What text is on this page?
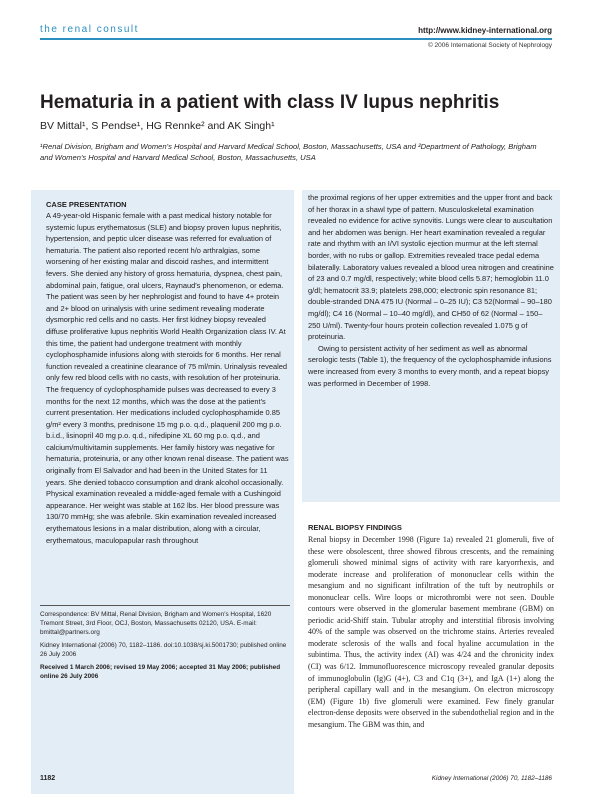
the renal consult	http://www.kidney-international.org
© 2006 International Society of Nephrology
Hematuria in a patient with class IV lupus nephritis
BV Mittal¹, S Pendse¹, HG Rennke² and AK Singh¹
¹Renal Division, Brigham and Women's Hospital and Harvard Medical School, Boston, Massachusetts, USA and ²Department of Pathology, Brigham and Women's Hospital and Harvard Medical School, Boston, Massachusetts, USA

CASE PRESENTATION

A 49-year-old Hispanic female with a past medical history notable for systemic lupus erythematosus (SLE) and biopsy proven lupus nephritis, hypertension, and peptic ulcer disease was referred for evaluation of hematuria. The patient also reported recent h/o arthralgias, some worsening of her existing malar and discoid rashes, and intermittent fevers. She denied any history of gross hematuria, dyspnea, chest pain, abdominal pain, fatigue, oral ulcers, Raynaud's phenomenon, or edema. The patient was seen by her nephrologist and found to have 4+ protein and 2+ blood on urinalysis with urine sediment revealing moderate dysmorphic red cells and no casts. Her first kidney biopsy revealed diffuse proliferative lupus nephritis World Health Organization class IV. At this time, the patient had undergone treatment with monthly cyclophosphamide infusions along with steroids for 6 months. Her renal function revealed a creatinine clearance of 75 ml/min. Urinalysis revealed only few red blood cells with no casts, with resolution of her proteinuria. The frequency of cyclophosphamide pulses was decreased to every 3 months for the next 12 months, which was the dose at the patient's current presentation. Her medications included cyclophosphamide 0.85 g/m² every 3 months, prednisone 15 mg p.o. q.d., plaquenil 200 mg p.o. b.i.d., lisinopril 40 mg p.o. q.d., nifedipine XL 60 mg p.o. q.d., and calcium/multivitamin supplements. Her family history was negative for hematuria, proteinuria, or any other known renal disease. The patient was originally from El Salvador and had been in the United States for 11 years. She denied tobacco consumption and drank alcohol occasionally. Physical examination revealed a middle-aged female with a Cushingoid appearance. Her weight was stable at 162 lbs. Her blood pressure was 130/70 mmHg; she was afebrile. Skin examination revealed increased erythematous lesions in a malar distribution, along with a circular, erythematous, maculopapular rash throughout

the proximal regions of her upper extremities and the upper front and back of her thorax in a shawl type of pattern. Musculoskeletal examination revealed no evidence for active synovitis. Lungs were clear to auscultation and her abdomen was benign. Her heart examination revealed a regular rate and rhythm with an I/VI systolic ejection murmur at the left sternal border, with no rubs or gallop. Extremities revealed trace pedal edema bilaterally. Laboratory values revealed a blood urea nitrogen and creatinine of 23 and 0.7 mg/dl, respectively; white blood cells 5.87; hemoglobin 11.0 g/dl; hematocrit 33.9; platelets 298,000; electronic spin resonance 81; double-stranded DNA 475 IU (Normal – 0–25 IU); C3 52(Normal – 90–180 mg/dl); C4 16 (Normal – 10–40 mg/dl), and CH50 of 62 (Normal – 150–250 U/ml). Twenty-four hours protein collection revealed 1.075 g of proteinuria.

Owing to persistent activity of her sediment as well as abnormal serologic tests (Table 1), the frequency of the cyclophosphamide infusions were increased from every 3 months to every month, and a repeat biopsy was performed in December of 1998.

RENAL BIOPSY FINDINGS
Renal biopsy in December 1998 (Figure 1a) revealed 21 glomeruli, five of these were obsolescent, three showed fibrous crescents, and the remaining glomeruli showed minimal signs of activity with rare karyorrhexis, and moderate increase and proliferation of mononuclear cells within the mesangium and no significant infiltration of the tuft by neutrophils or mononuclear cells. Wire loops or microthrombi were not seen. Double contours were observed in the glomerular basement membrane (GBM) on periodic acid-Shiff stain. Tubular atrophy and interstitial fibrosis involving 40% of the sample was observed on the trichrome stains. Arteries revealed moderate sclerosis of the walls and focal hyaline accumulation in the subintima. Thus, the activity index (AI) was 4/24 and the chronicity index (CI) was 6/12. Immunofluorescence microscopy revealed granular deposits of immunoglobulin (Ig)G (4+), C3 and C1q (3+), and IgA (1+) along the peripheral capillary wall and in the mesangium. On electron microscopy (EM) (Figure 1b) five glomeruli were examined. Few finely granular electron-dense deposits were observed in the subendothelial region and in the mesangium. The GBM was thin, and

Correspondence: BV Mittal, Renal Division, Brigham and Women's Hospital, 1620 Tremont Street, 3rd Floor, OCJ, Boston, Massachusetts 02120, USA. E-mail: bmittal@partners.org

Kidney International (2006) 70, 1182–1186. doi:10.1038/sj.ki.5001730; published online 26 July 2006

Received 1 March 2006; revised 19 May 2006; accepted 31 May 2006; published online 26 July 2006

1182	Kidney International (2006) 70, 1182–1186
